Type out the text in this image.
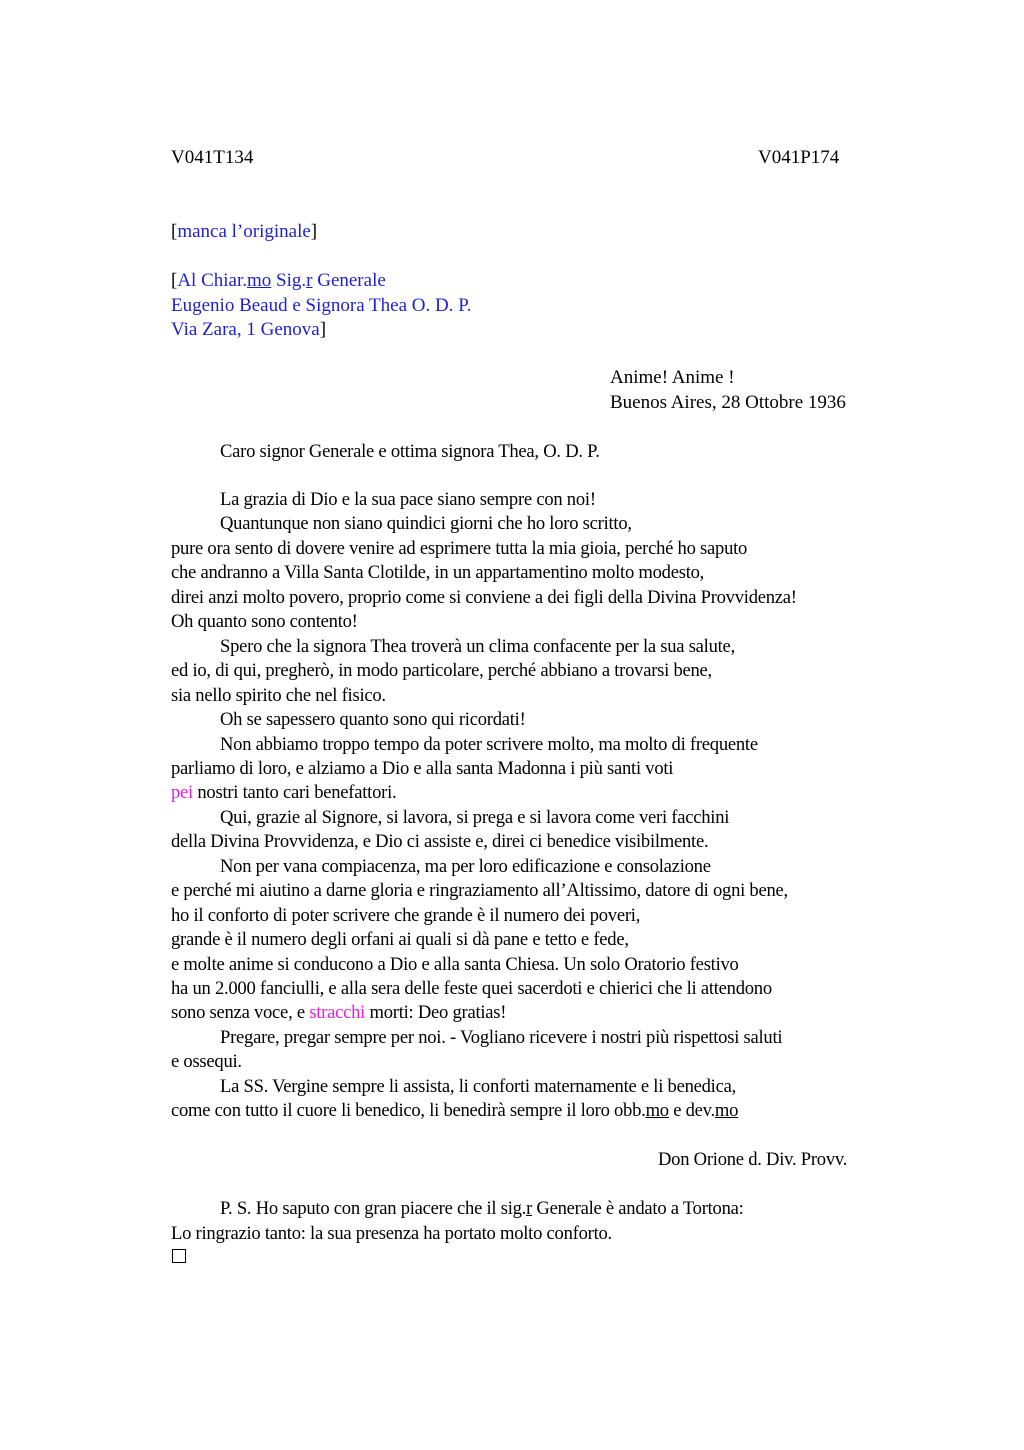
V041T134	V041P174
Anime! Anime !
Buenos Aires, 28 Ottobre 1936
Caro signor Generale e ottima signora Thea, O. D. P.
Don Orione d. Div. Provv.
[manca l’originale]
[Al Chiar.mo Sig.r Generale
Eugenio Beaud e Signora Thea O. D. P.
Via Zara, 1 Genova]
La grazia di Dio e la sua pace siano sempre con noi!
Quantunque non siano quindici giorni che ho loro scritto,
pure ora sento di dovere venire ad esprimere tutta la mia gioia, perché ho saputo
che andranno a Villa Santa Clotilde, in un appartamentino molto modesto,
direi anzi molto povero, proprio come si conviene a dei figli della Divina Provvidenza!
Oh quanto sono contento!
Spero che la signora Thea troverà un clima confacente per la sua salute,
ed io, di qui, pregherò, in modo particolare, perché abbiano a trovarsi bene,
sia nello spirito che nel fisico.
Oh se sapessero quanto sono qui ricordati!
Non abbiamo troppo tempo da poter scrivere molto, ma molto di frequente
parliamo di loro, e alziamo a Dio e alla santa Madonna i più santi voti
pei nostri tanto cari benefattori.
Qui, grazie al Signore, si lavora, si prega e si lavora come veri facchini
della Divina Provvidenza, e Dio ci assiste e, direi ci benedice visibilmente.
Non per vana compiacenza, ma per loro edificazione e consolazione
e perché mi aiutino a darne gloria e ringraziamento all’Altissimo, datore di ogni bene,
ho il conforto di poter scrivere che grande è il numero dei poveri,
grande è il numero degli orfani ai quali si dà pane e tetto e fede,
e molte anime si conducono a Dio e alla santa Chiesa. Un solo Oratorio festivo
ha un 2.000 fanciulli, e alla sera delle feste quei sacerdoti e chierici che li attendono
sono senza voce, e stracchi morti: Deo gratias!
Pregare, pregar sempre per noi. - Vogliano ricevere i nostri più rispettosi saluti
e ossequi.
La SS. Vergine sempre li assista, li conforti maternamente e li benedica,
come con tutto il cuore li benedico, li benedirà sempre il loro obb.mo e dev.mo
P. S. Ho saputo con gran piacere che il sig.r Generale è andato a Tortona:
Lo ringrazio tanto: la sua presenza ha portato molto conforto.
